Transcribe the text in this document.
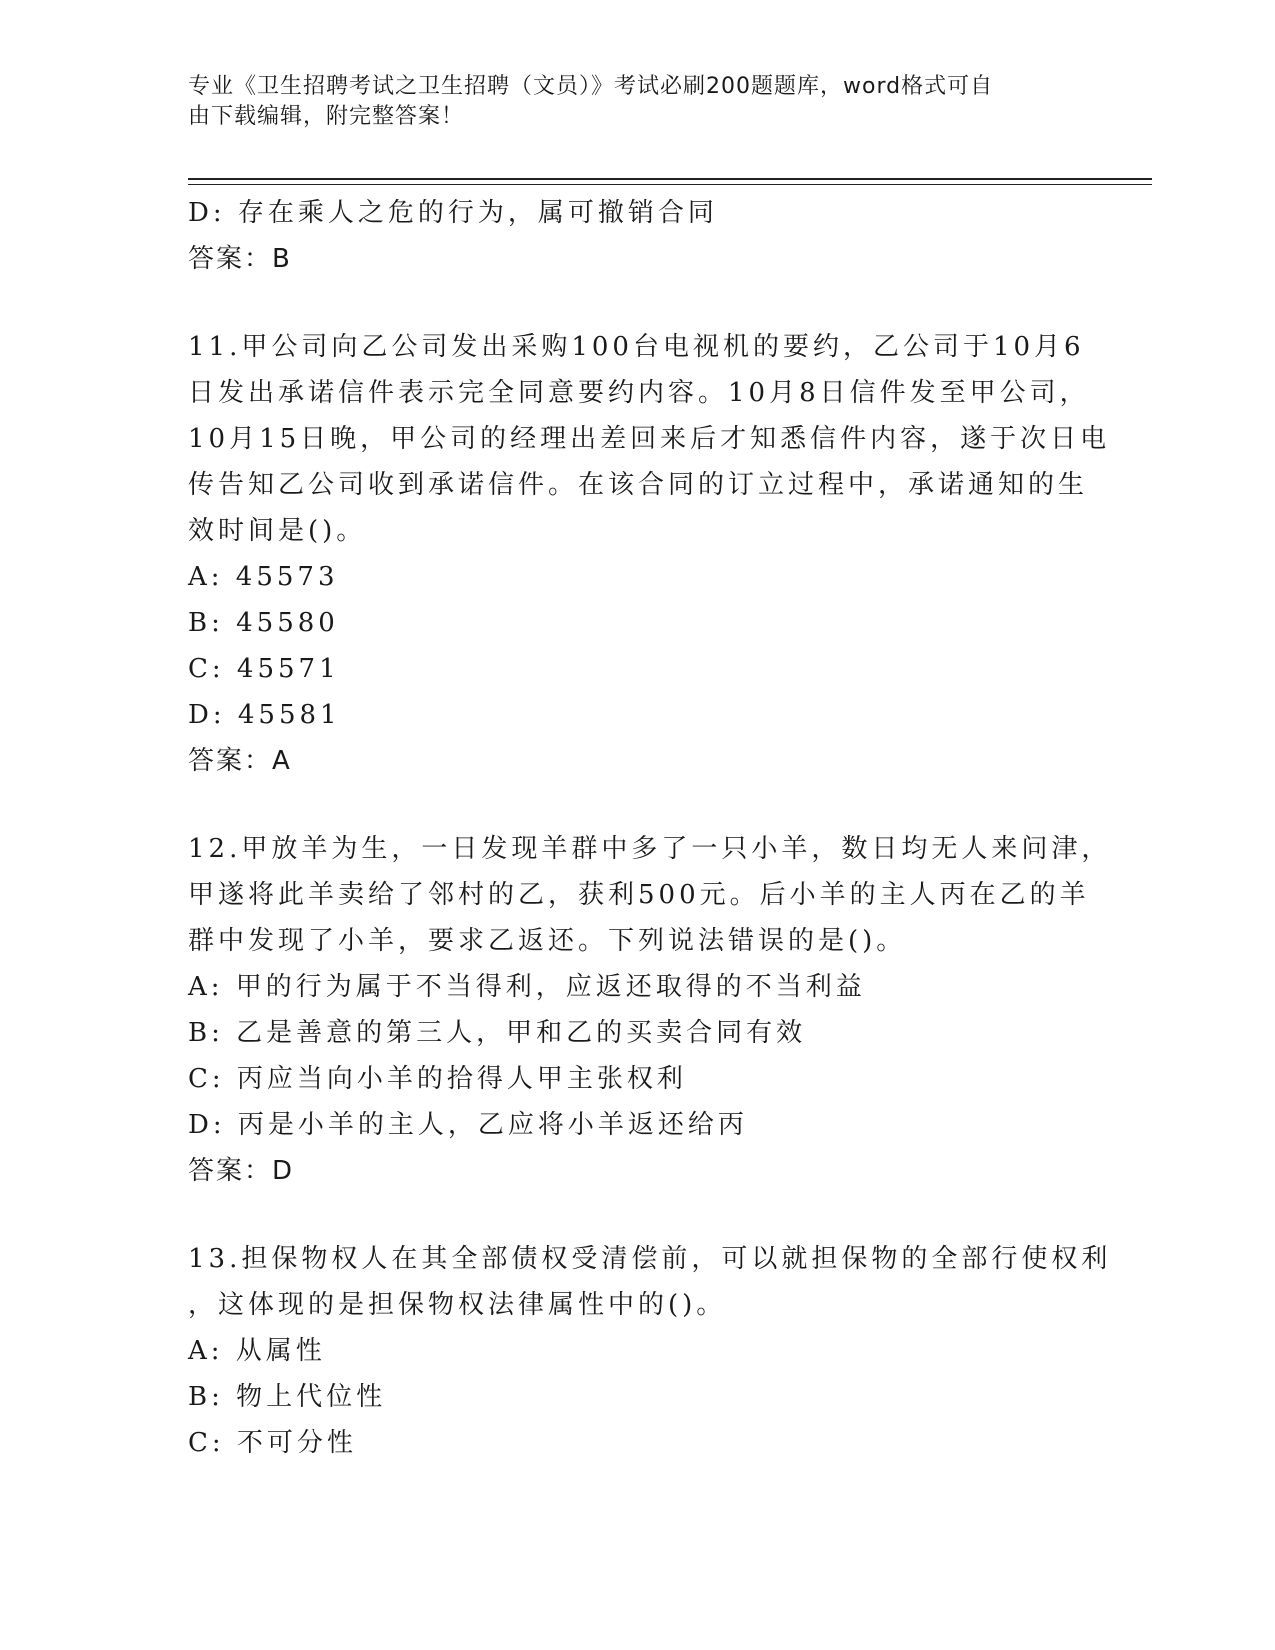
专业《卫生招聘考试之卫生招聘（文员）》考试必刷200题题库，word格式可自
由下载编辑，附完整答案！
D: 存在乘人之危的行为，属可撤销合同
答案：B
11.甲公司向乙公司发出采购100台电视机的要约，乙公司于10月6
日发出承诺信件表示完全同意要约内容。10月8日信件发至甲公司，
10月15日晚，甲公司的经理出差回来后才知悉信件内容，遂于次日电
传告知乙公司收到承诺信件。在该合同的订立过程中，承诺通知的生
效时间是()。
A: 45573
B: 45580
C: 45571
D: 45581
答案：A
12.甲放羊为生，一日发现羊群中多了一只小羊，数日均无人来问津，
甲遂将此羊卖给了邻村的乙，获利500元。后小羊的主人丙在乙的羊
群中发现了小羊，要求乙返还。下列说法错误的是()。
A: 甲的行为属于不当得利，应返还取得的不当利益
B: 乙是善意的第三人，甲和乙的买卖合同有效
C: 丙应当向小羊的拾得人甲主张权利
D: 丙是小羊的主人，乙应将小羊返还给丙
答案：D
13.担保物权人在其全部债权受清偿前，可以就担保物的全部行使权利
，这体现的是担保物权法律属性中的()。
A: 从属性
B: 物上代位性
C: 不可分性
